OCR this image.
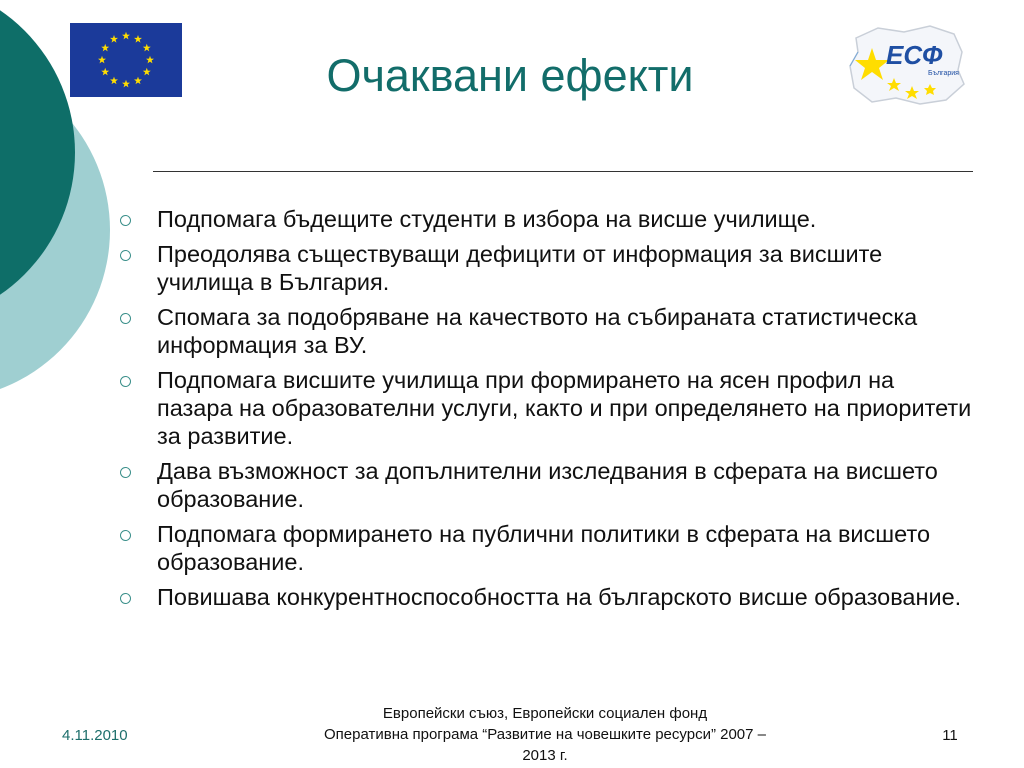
ЕСФ
България
Очаквани ефекти
Подпомага бъдещите студенти в избора на висше училище.
Преодолява съществуващи дефицити от информация за висшите училища в България.
Спомага за подобряване на качеството на събираната статистическа информация за ВУ.
Подпомага висшите училища при формирането на ясен профил на пазара на образователни услуги, както и при определянето на приоритети за развитие.
Дава възможност за допълнителни изследвания в сферата на висшето образование.
Подпомага формирането на публични политики в сферата на висшето образование.
Повишава конкурентноспособността на българското висше образование.
4.11.2010
Европейски съюз, Европейски социален фонд
Оперативна програма “Развитие на човешките ресурси” 2007 –
2013 г.
11
